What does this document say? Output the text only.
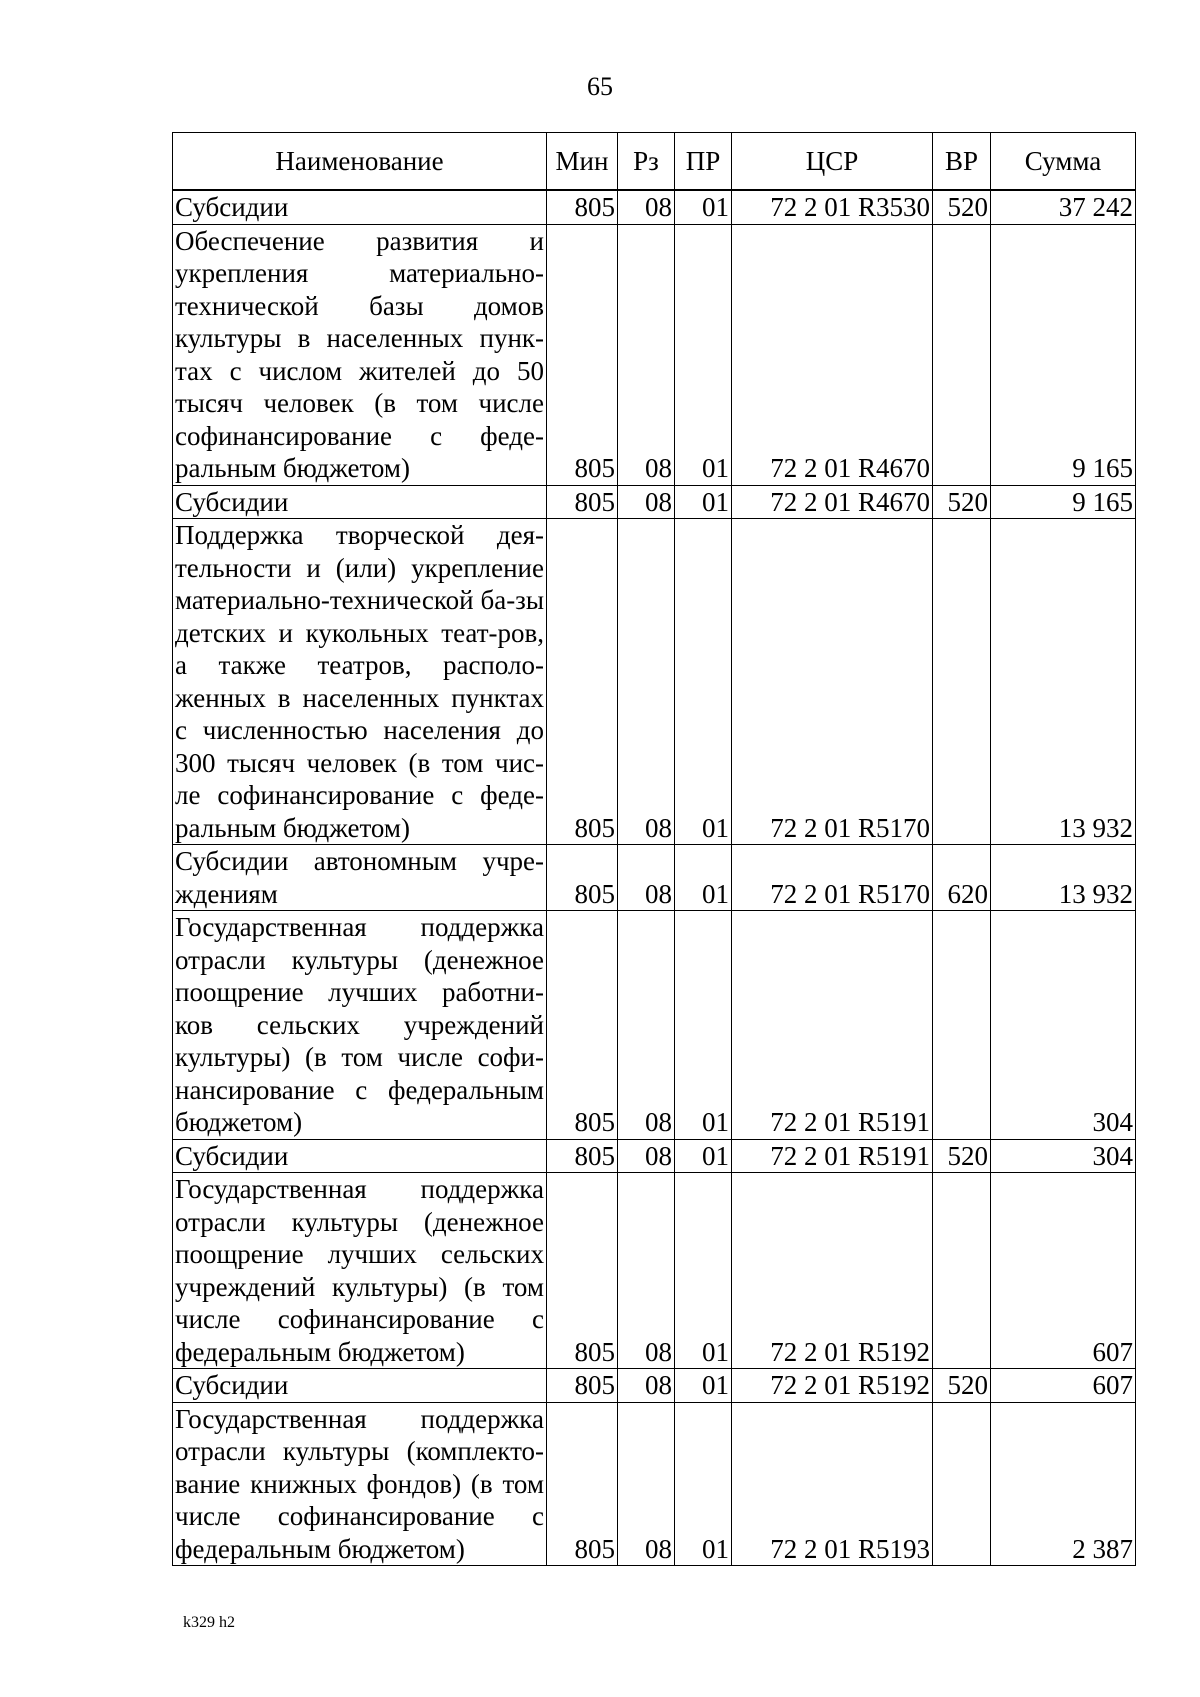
65
Наименование	Мин	Рз	ПР	ЦСР	ВР	Сумма
Субсидии	805	08	01	72 2 01 R3530	520	37 242
Обеспечение развития и укрепления материально-технической базы домов культуры в населенных пунк-тах с числом жителей до 50 тысяч человек (в том числе софинансирование с феде-ральным бюджетом)	805	08	01	72 2 01 R4670		9 165
Субсидии	805	08	01	72 2 01 R4670	520	9 165
Поддержка творческой дея-тельности и (или) укрепление материально-технической ба-зы детских и кукольных теат-ров, а также театров, располо-женных в населенных пунктах с численностью населения до 300 тысяч человек (в том чис-ле софинансирование с феде-ральным бюджетом)	805	08	01	72 2 01 R5170		13 932
Субсидии автономным учре-ждениям	805	08	01	72 2 01 R5170	620	13 932
Государственная поддержка отрасли культуры (денежное поощрение лучших работни-ков сельских учреждений культуры) (в том числе софи-нансирование с федеральным бюджетом)	805	08	01	72 2 01 R5191		304
Субсидии	805	08	01	72 2 01 R5191	520	304
Государственная поддержка отрасли культуры (денежное поощрение лучших сельских учреждений культуры) (в том числе софинансирование с федеральным бюджетом)	805	08	01	72 2 01 R5192		607
Субсидии	805	08	01	72 2 01 R5192	520	607
Государственная поддержка отрасли культуры (комплекто-вание книжных фондов) (в том числе софинансирование с федеральным бюджетом)	805	08	01	72 2 01 R5193		2 387
k329 h2
